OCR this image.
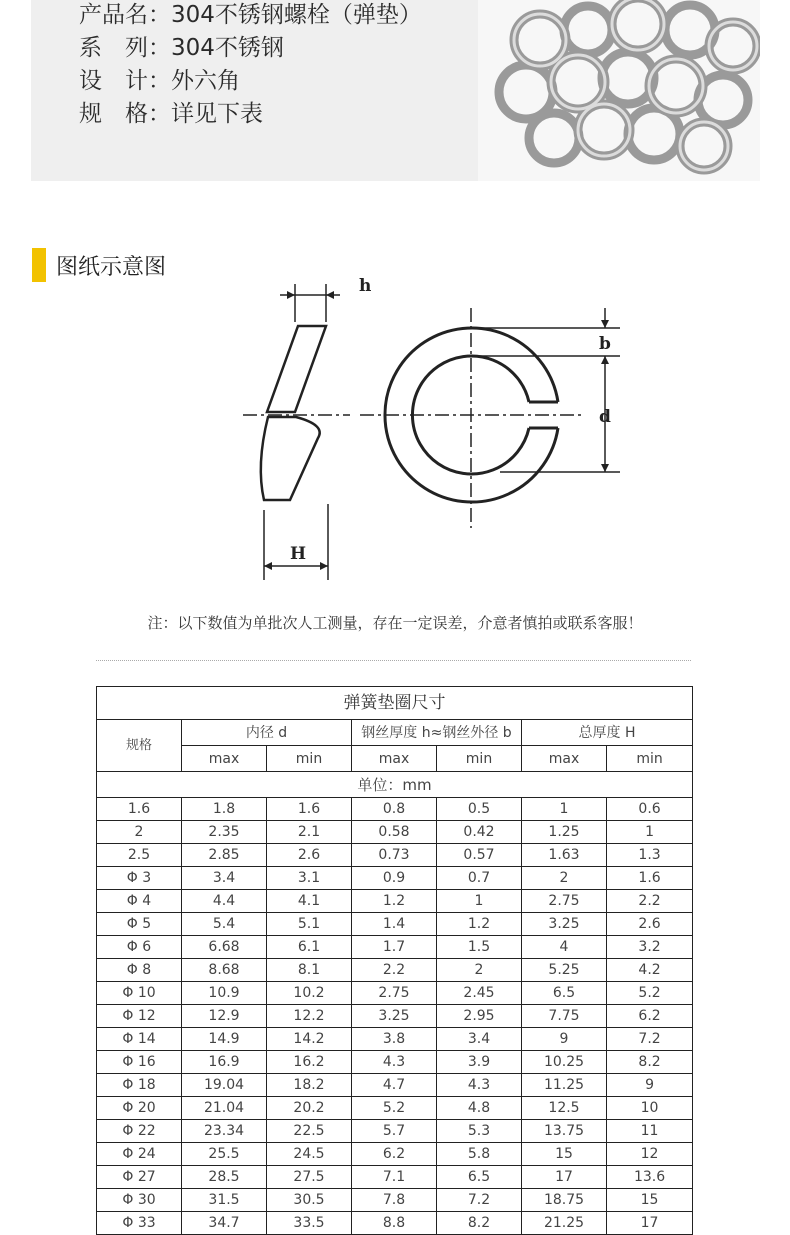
产品名：304不锈钢螺栓（弹垫）
系　列：304不锈钢
设　计：外六角
规　格：详见下表
图纸示意图
h
H
b
d
注：以下数值为单批次人工测量，存在一定误差，介意者慎拍或联系客服！
弹簧垫圈尺寸						
规格	内径 d		钢丝厚度 h≈钢丝外径 b		总厚度 H	
	max	min	max	min	max	min
单位：mm						
1.6	1.8	1.6	0.8	0.5	1	0.6
2	2.35	2.1	0.58	0.42	1.25	1
2.5	2.85	2.6	0.73	0.57	1.63	1.3
Φ 3	3.4	3.1	0.9	0.7	2	1.6
Φ 4	4.4	4.1	1.2	1	2.75	2.2
Φ 5	5.4	5.1	1.4	1.2	3.25	2.6
Φ 6	6.68	6.1	1.7	1.5	4	3.2
Φ 8	8.68	8.1	2.2	2	5.25	4.2
Φ 10	10.9	10.2	2.75	2.45	6.5	5.2
Φ 12	12.9	12.2	3.25	2.95	7.75	6.2
Φ 14	14.9	14.2	3.8	3.4	9	7.2
Φ 16	16.9	16.2	4.3	3.9	10.25	8.2
Φ 18	19.04	18.2	4.7	4.3	11.25	9
Φ 20	21.04	20.2	5.2	4.8	12.5	10
Φ 22	23.34	22.5	5.7	5.3	13.75	11
Φ 24	25.5	24.5	6.2	5.8	15	12
Φ 27	28.5	27.5	7.1	6.5	17	13.6
Φ 30	31.5	30.5	7.8	7.2	18.75	15
Φ 33	34.7	33.5	8.8	8.2	21.25	17
